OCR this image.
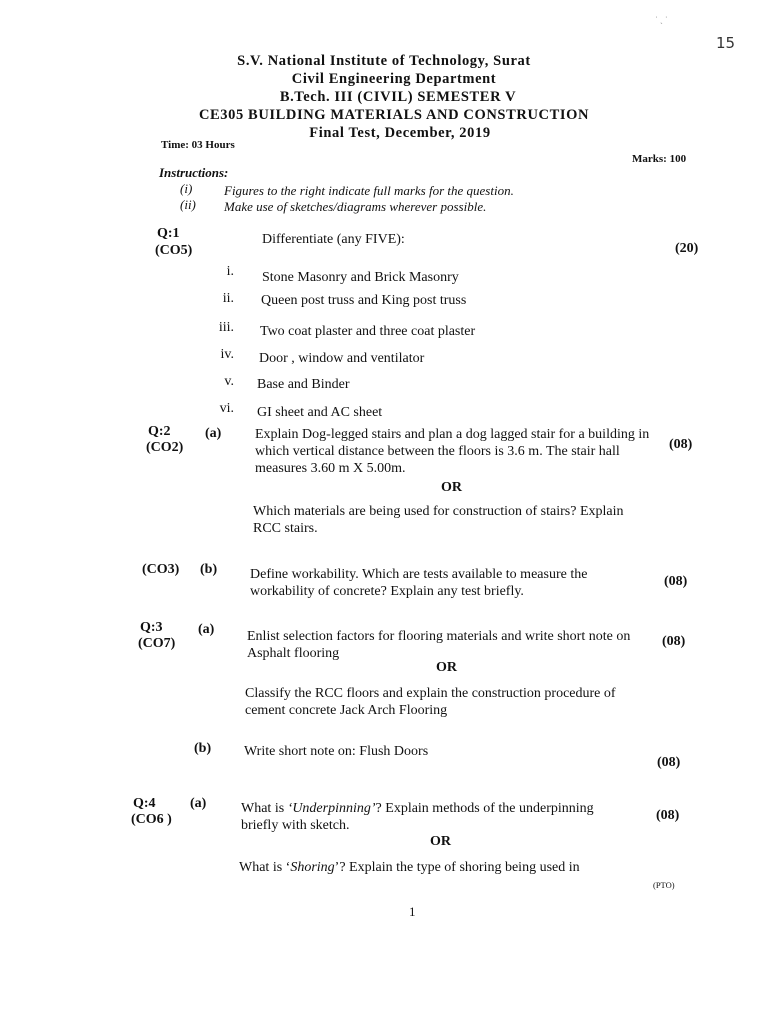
15
˙ ˎ ˙
S.V. National Institute of Technology, Surat
Civil Engineering Department
B.Tech. III (CIVIL) SEMESTER V
CE305 BUILDING MATERIALS AND CONSTRUCTION
Final Test, December, 2019
Time: 03 Hours
Marks: 100
Instructions:
(i) Figures to the right indicate full marks for the question.
(ii) Make use of sketches/diagrams wherever possible.
Q:1
(CO5)
Differentiate (any FIVE):
(20)
i. Stone Masonry and Brick Masonry
ii. Queen post truss and King post truss
iii. Two coat plaster and three coat plaster
iv. Door , window and ventilator
v. Base and Binder
vi. GI sheet and AC sheet
Q:2
(CO2)
(a) Explain Dog-legged stairs and plan a dog lagged stair for a building in which vertical distance between the floors is 3.6 m. The stair hall measures 3.60 m X 5.00m.
(08)
OR
Which materials are being used for construction of stairs? Explain RCC stairs.
(CO3) (b) Define workability. Which are tests available to measure the workability of concrete? Explain any test briefly.
(08)
Q:3
(CO7)
(a) Enlist selection factors for flooring materials and write short note on Asphalt flooring
(08)
OR
Classify the RCC floors and explain the construction procedure of cement concrete Jack Arch Flooring
(b) Write short note on: Flush Doors
(08)
Q:4
(CO6 )
(a) What is ‘Underpinning’? Explain methods of the underpinning briefly with sketch.
(08)
OR
What is ‘Shoring’? Explain the type of shoring being used in
(PTO)
1
